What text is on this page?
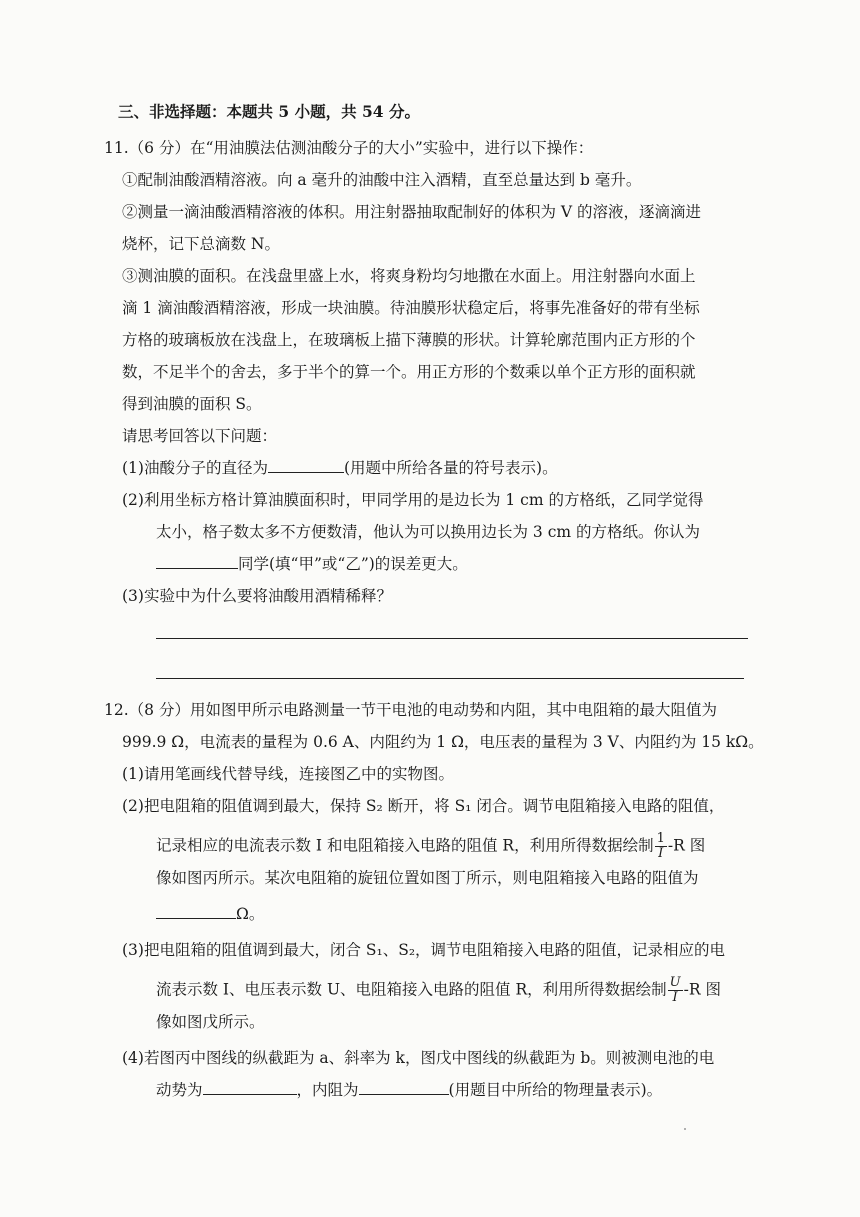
三、非选择题：本题共 5 小题，共 54 分。
11.（6 分）在“用油膜法估测油酸分子的大小”实验中，进行以下操作：
①配制油酸酒精溶液。向 a 毫升的油酸中注入酒精，直至总量达到 b 毫升。
②测量一滴油酸酒精溶液的体积。用注射器抽取配制好的体积为 V 的溶液，逐滴滴进
烧杯，记下总滴数 N。
③测油膜的面积。在浅盘里盛上水，将爽身粉均匀地撒在水面上。用注射器向水面上
滴 1 滴油酸酒精溶液，形成一块油膜。待油膜形状稳定后，将事先准备好的带有坐标
方格的玻璃板放在浅盘上，在玻璃板上描下薄膜的形状。计算轮廓范围内正方形的个
数，不足半个的舍去，多于半个的算一个。用正方形的个数乘以单个正方形的面积就
得到油膜的面积 S。
请思考回答以下问题：
(1)油酸分子的直径为	(用题中所给各量的符号表示)。
(2)利用坐标方格计算油膜面积时，甲同学用的是边长为 1 cm 的方格纸，乙同学觉得
太小，格子数太多不方便数清，他认为可以换用边长为 3 cm 的方格纸。你认为
同学(填“甲”或“乙”)的误差更大。
(3)实验中为什么要将油酸用酒精稀释？
12.（8 分）用如图甲所示电路测量一节干电池的电动势和内阻，其中电阻箱的最大阻值为
999.9 Ω，电流表的量程为 0.6 A、内阻约为 1 Ω，电压表的量程为 3 V、内阻约为 15 kΩ。
(1)请用笔画线代替导线，连接图乙中的实物图。
(2)把电阻箱的阻值调到最大，保持 S₂ 断开，将 S₁ 闭合。调节电阻箱接入电路的阻值，
记录相应的电流表示数 I 和电阻箱接入电路的阻值 R，利用所得数据绘制 $\frac{1}{I} -R$ 图
像如图丙所示。某次电阻箱的旋钮位置如图丁所示，则电阻箱接入电路的阻值为
Ω。
(3)把电阻箱的阻值调到最大，闭合 S₁、S₂，调节电阻箱接入电路的阻值，记录相应的电
流表示数 I、电压表示数 U、电阻箱接入电路的阻值 R，利用所得数据绘制 $\frac{U}{I} -R$ 图
像如图戊所示。
(4)若图丙中图线的纵截距为 a、斜率为 k，图戊中图线的纵截距为 b。则被测电池的电
动势为	，内阻为	(用题目中所给的物理量表示)。
